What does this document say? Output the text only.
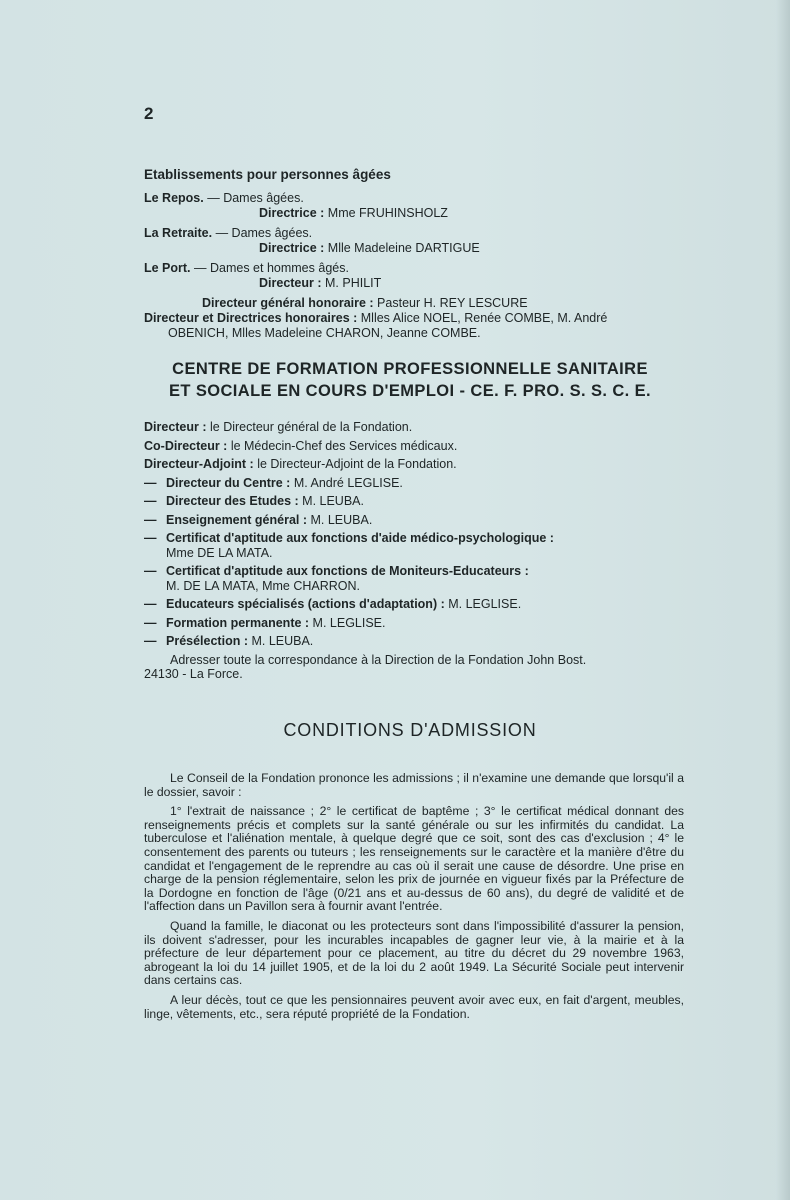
2
Etablissements pour personnes âgées
Le Repos. — Dames âgées.
Directrice : Mme FRUHINSHOLZ
La Retraite. — Dames âgées.
Directrice : Mlle Madeleine DARTIGUE
Le Port. — Dames et hommes âgés.
Directeur : M. PHILIT
Directeur général honoraire : Pasteur H. REY LESCURE
Directeur et Directrices honoraires : Mlles Alice NOEL, Renée COMBE, M. André
OBENICH, Mlles Madeleine CHARON, Jeanne COMBE.
CENTRE DE FORMATION PROFESSIONNELLE SANITAIRE
ET SOCIALE EN COURS D'EMPLOI - CE. F. PRO. S. S. C. E.
Directeur : le Directeur général de la Fondation.
Co-Directeur : le Médecin-Chef des Services médicaux.
Directeur-Adjoint : le Directeur-Adjoint de la Fondation.
— Directeur du Centre : M. André LEGLISE.
— Directeur des Etudes : M. LEUBA.
— Enseignement général : M. LEUBA.
— Certificat d'aptitude aux fonctions d'aide médico-psychologique :
Mme DE LA MATA.
— Certificat d'aptitude aux fonctions de Moniteurs-Educateurs :
M. DE LA MATA, Mme CHARRON.
— Educateurs spécialisés (actions d'adaptation) : M. LEGLISE.
— Formation permanente : M. LEGLISE.
— Présélection : M. LEUBA.
Adresser toute la correspondance à la Direction de la Fondation John Bost.
24130 - La Force.
CONDITIONS D'ADMISSION

Le Conseil de la Fondation prononce les admissions ; il n'examine une demande que lorsqu'il a le dossier, savoir :

1° l'extrait de naissance ; 2° le certificat de baptême ; 3° le certificat médical donnant des renseignements précis et complets sur la santé générale ou sur les infirmités du candidat. La tuberculose et l'aliénation mentale, à quelque degré que ce soit, sont des cas d'exclusion ; 4° le consentement des parents ou tuteurs ; les renseignements sur le caractère et la manière d'être du candidat et l'engagement de le reprendre au cas où il serait une cause de désordre. Une prise en charge de la pension réglementaire, selon les prix de journée en vigueur fixés par la Préfecture de la Dordogne en fonction de l'âge (0/21 ans et au-dessus de 60 ans), du degré de validité et de l'affection dans un Pavillon sera à fournir avant l'entrée.

Quand la famille, le diaconat ou les protecteurs sont dans l'impossibilité d'assurer la pension, ils doivent s'adresser, pour les incurables incapables de gagner leur vie, à la mairie et à la préfecture de leur département pour ce placement, au titre du décret du 29 novembre 1963, abrogeant la loi du 14 juillet 1905, et de la loi du 2 août 1949. La Sécurité Sociale peut intervenir dans certains cas.

A leur décès, tout ce que les pensionnaires peuvent avoir avec eux, en fait d'argent, meubles, linge, vêtements, etc., sera réputé propriété de la Fondation.
